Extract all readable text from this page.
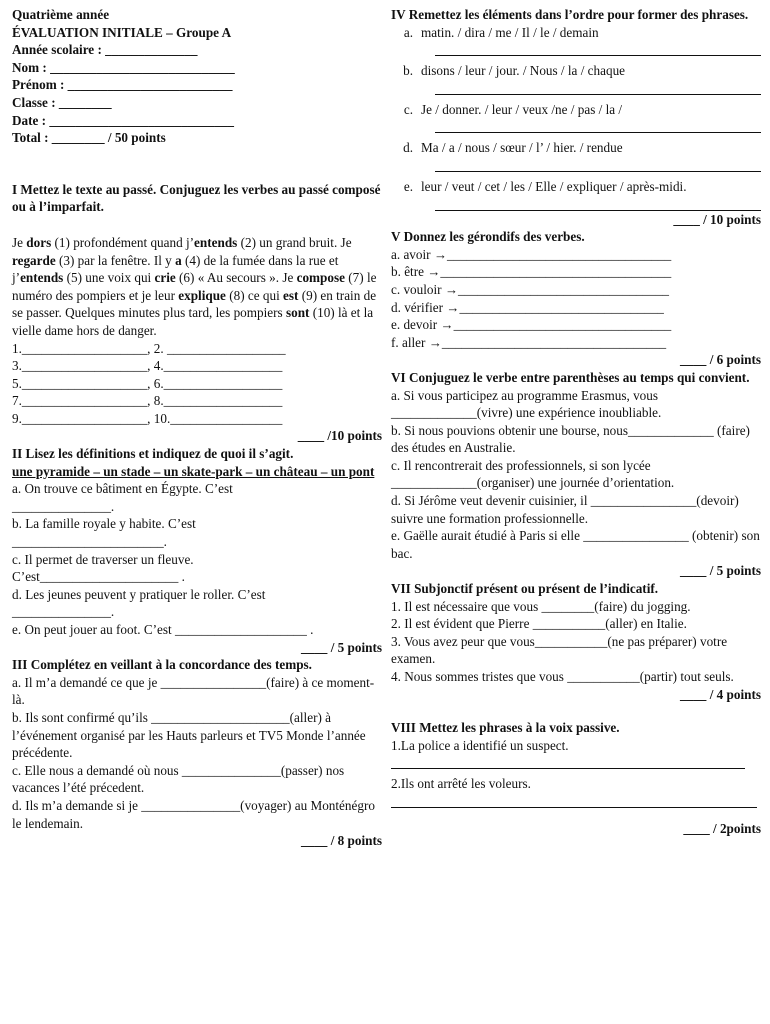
Quatrième année

ÉVALUATION INITIALE – Groupe A

Année scolaire : ______________

Nom : ____________________________

Prénom : _________________________

Classe : ________

Date : ____________________________

Total : ________ / 50 points

I Mettez le texte au passé. Conjuguez les verbes au passé composé ou à l’imparfait.

Je dors (1) profondément quand j’entends (2) un grand bruit. Je regarde (3) par la fenêtre. Il y a (4) de la fumée dans la rue et j’entends (5) une voix qui crie (6) « Au secours ». Je compose (7) le numéro des pompiers et je leur explique (8) ce qui est (9) en train de se passer. Quelques minutes plus tard, les pompiers sont (10) là et la vielle dame hors de danger.

1.___________________, 2. __________________

3.___________________, 4.__________________

5.___________________, 6.__________________

7.___________________, 8.__________________

9.___________________, 10._________________

____ /10 points

II Lisez les définitions et indiquez de quoi il s’agit.

une pyramide – un stade – un skate-park – un château – un pont

a. On trouve ce bâtiment en Égypte. C’est

_______________.

b. La famille royale y habite. C’est

_______________________.

c. Il permet de traverser un fleuve.

C’est_____________________ .

d. Les jeunes peuvent y pratiquer le roller. C’est

_______________.

e. On peut jouer au foot. C’est ____________________ .

____ / 5 points

III Complétez en veillant à la concordance des temps.

a. Il m’a demandé ce que je ________________(faire) à ce moment-là.

b. Ils sont confirmé qu’ils _____________________(aller) à l’événement organisé par les Hauts parleurs et TV5 Monde l’année précédente.

c. Elle nous a demandé où nous _______________(passer) nos vacances l’été précedent.

d. Ils m’a demande si je _______________(voyager) au Monténégro le lendemain.

____ / 8 points

IV Remettez les éléments dans l’ordre pour former des phrases.

a. matin. / dira / me / Il / le / demain
b. disons / leur / jour. / Nous / la / chaque
c. Je / donner. / leur / veux /ne / pas / la /
d. Ma / a / nous / sœur / l’ / hier. / rendue
e. leur / veut / cet / les / Elle / expliquer / après-midi.

____ / 10 points

V Donnez les gérondifs des verbes.

a. avoir →__________________________________

b. être →___________________________________

c. vouloir →________________________________

d. vérifier →_______________________________

e. devoir →_________________________________

f. aller →__________________________________

____ / 6 points

VI Conjuguez le verbe entre parenthèses au temps qui convient.

a. Si vous participez au programme Erasmus, vous _____________(vivre) une expérience inoubliable.

b. Si nous pouvions obtenir une bourse, nous_____________ (faire) des études en Australie.

c. Il rencontrerait des professionnels, si son lycée _____________(organiser) une journée d’orientation.

d. Si Jérôme veut devenir cuisinier, il ________________(devoir) suivre une formation professionnelle.

e. Gaëlle aurait étudié à Paris si elle ________________ (obtenir) son bac.

____ / 5 points

VII Subjonctif présent ou présent de l’indicatif.

1. Il est nécessaire que vous ________(faire) du jogging.

2. Il est évident que Pierre ___________(aller) en Italie.

3. Vous avez peur que vous___________(ne pas préparer) votre examen.

4. Nous sommes tristes que vous ___________(partir) tout seuls.

____ / 4 points

VIII Mettez les phrases à la voix passive.

1.La police a identifié un suspect.

2.Ils ont arrêté les voleurs.

____ / 2points
